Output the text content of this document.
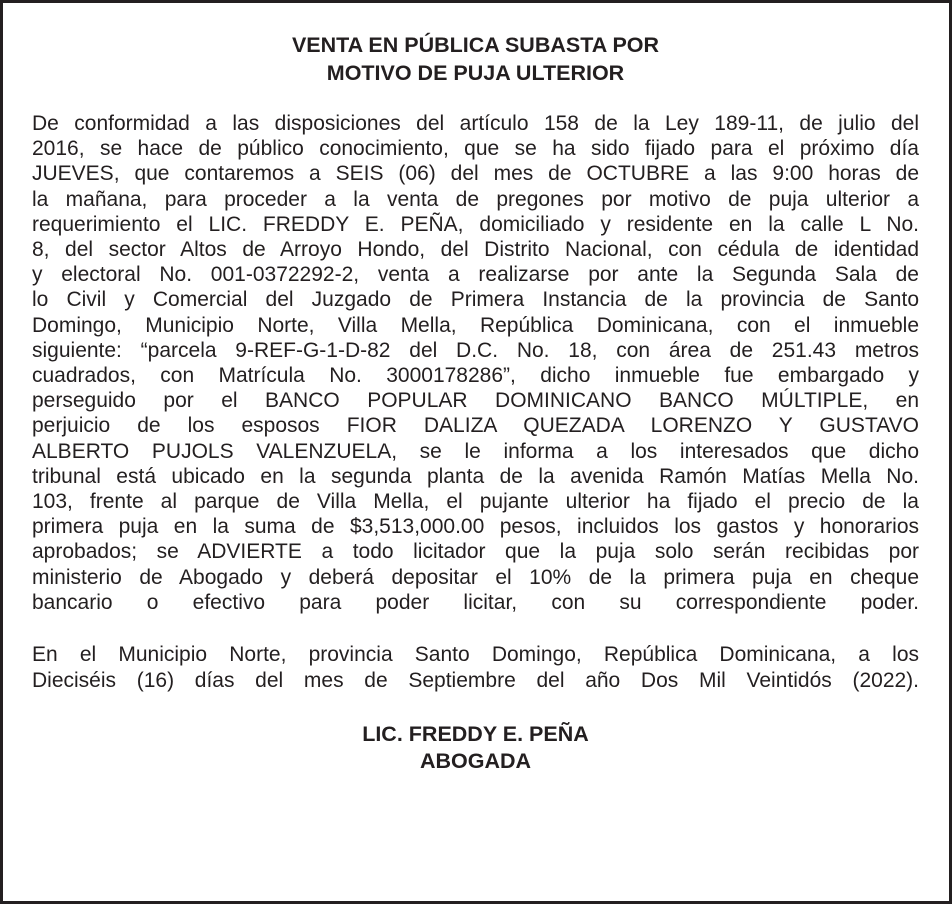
VENTA EN PÚBLICA SUBASTA POR
MOTIVO DE PUJA ULTERIOR
De conformidad a las disposiciones del artículo 158 de la Ley 189-11, de julio del
2016, se hace de público conocimiento, que se ha sido fijado para el próximo día
JUEVES, que contaremos a SEIS (06) del mes de OCTUBRE a las 9:00 horas de
la mañana, para proceder a la venta de pregones por motivo de puja ulterior a
requerimiento el LIC. FREDDY E. PEÑA, domiciliado y residente en la calle L No.
8, del sector Altos de Arroyo Hondo, del Distrito Nacional, con cédula de identidad
y electoral No. 001-0372292-2, venta a realizarse por ante la Segunda Sala de
lo Civil y Comercial del Juzgado de Primera Instancia de la provincia de Santo
Domingo, Municipio Norte, Villa Mella, República Dominicana, con el inmueble
siguiente: “parcela 9-REF-G-1-D-82 del D.C. No. 18, con área de 251.43 metros
cuadrados, con Matrícula No. 3000178286”, dicho inmueble fue embargado y
perseguido por el BANCO POPULAR DOMINICANO BANCO MÚLTIPLE, en
perjuicio de los esposos FIOR DALIZA QUEZADA LORENZO Y GUSTAVO
ALBERTO PUJOLS VALENZUELA, se le informa a los interesados que dicho
tribunal está ubicado en la segunda planta de la avenida Ramón Matías Mella No.
103, frente al parque de Villa Mella, el pujante ulterior ha fijado el precio de la
primera puja en la suma de $3,513,000.00 pesos, incluidos los gastos y honorarios
aprobados; se ADVIERTE a todo licitador que la puja solo serán recibidas por
ministerio de Abogado y deberá depositar el 10% de la primera puja en cheque
bancario o efectivo para poder licitar, con su correspondiente poder.
En el Municipio Norte, provincia Santo Domingo, República Dominicana, a los
Dieciséis (16) días del mes de Septiembre del año Dos Mil Veintidós (2022).
LIC. FREDDY E. PEÑA
ABOGADA
